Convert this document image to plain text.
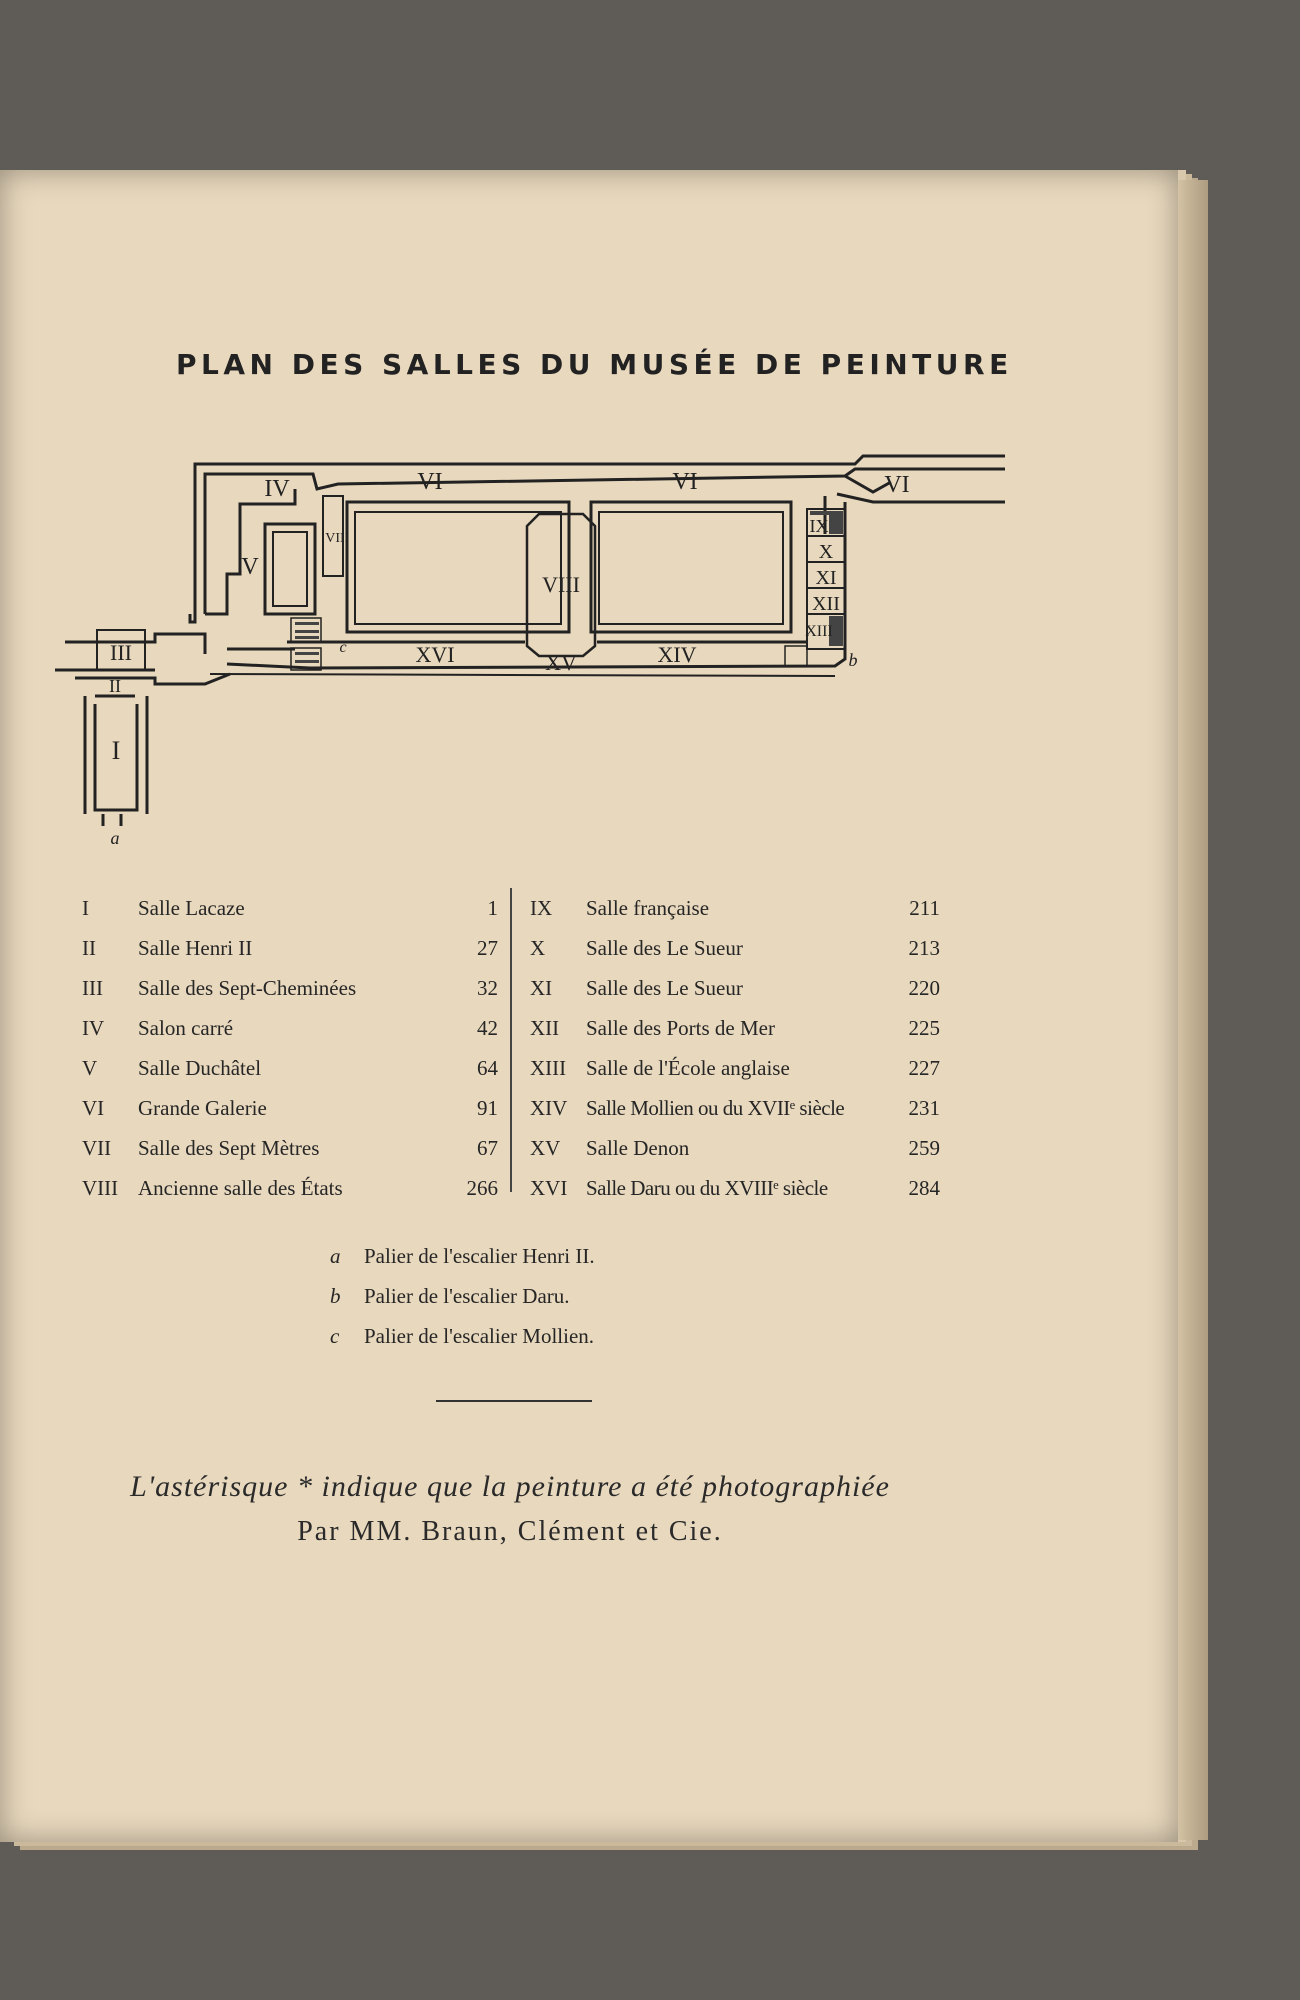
PLAN DES SALLES DU MUSÉE DE PEINTURE
IV	VI	VI	VI
V
VII
VIII
IX
X
XI
XII
XIII
III
II
I
XVI	XV	XIV
a
b
c
I Salle Lacaze	1
II Salle Henri II	27
III Salle des Sept-Cheminées	32
IV Salon carré	42
V Salle Duchâtel	64
VI Grande Galerie	91
VII Salle des Sept Mètres	67
VIII Ancienne salle des États	266
IX Salle française	211
X Salle des Le Sueur	213
XI Salle des Le Sueur	220
XII Salle des Ports de Mer	225
XIII Salle de l'École anglaise	227
XIV Salle Mollien ou du XVIIᵉ siècle	231
XV Salle Denon	259
XVI Salle Daru ou du XVIIIᵉ siècle	284
a Palier de l'escalier Henri II.
b Palier de l'escalier Daru.
c Palier de l'escalier Mollien.
L'astérisque * indique que la peinture a été photographiée
Par MM. Braun, Clément et Cie.
